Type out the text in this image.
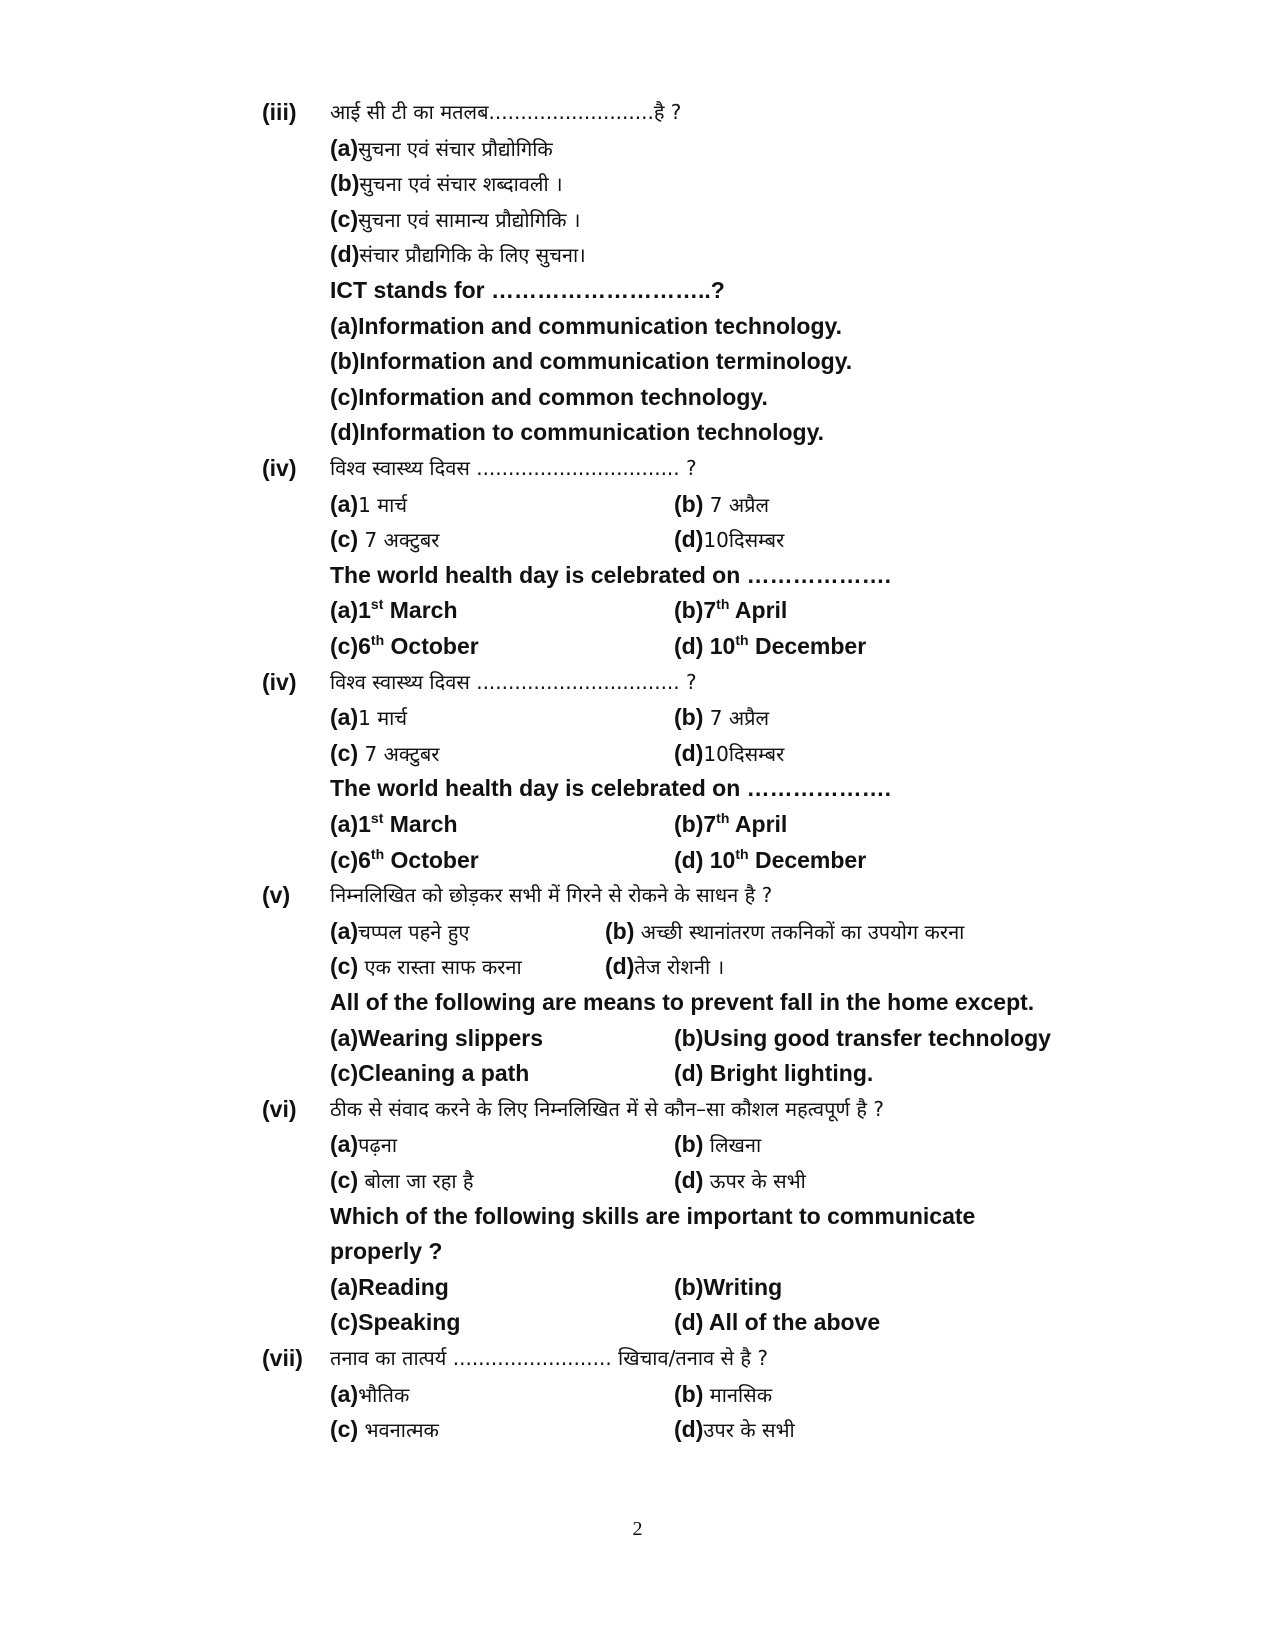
(iii) आई सी टी का मतलब..........................है ?
(a)सुचना एवं संचार प्रौद्योगिकि
(b)सुचना एवं संचार शब्दावली ।
(c)सुचना एवं सामान्य प्रौद्योगिकि ।
(d)संचार प्रौद्यगिकि के लिए सुचना।
ICT stands for ………………………..?
(a)Information and communication technology.
(b)Information and communication terminology.
(c)Information and common technology.
(d)Information to communication technology.
(iv) विश्व स्वास्थ्य दिवस ................................ ?
(a)1 मार्च	(b) 7 अप्रैल
(c) 7 अक्टुबर	(d)10दिसम्बर
The world health day is celebrated on ……………….
(a)1st March	(b)7th April
(c)6th October	(d) 10th December
(iv) विश्व स्वास्थ्य दिवस ................................ ?
(a)1 मार्च	(b) 7 अप्रैल
(c) 7 अक्टुबर	(d)10दिसम्बर
The world health day is celebrated on ……………….
(a)1st March	(b)7th April
(c)6th October	(d) 10th December
(v) निम्नलिखित को छोड़कर सभी में गिरने से रोकने के साधन है ?
(a)चप्पल पहने हुए	(b) अच्छी स्थानांतरण तकनिकों का उपयोग करना
(c) एक रास्ता साफ करना	(d)तेज रोशनी ।
All of the following are means to prevent fall in the home except.
(a)Wearing slippers	(b)Using good transfer technology
(c)Cleaning a path	(d) Bright lighting.
(vi) ठीक से संवाद करने के लिए निम्नलिखित में से कौन–सा कौशल महत्वपूर्ण है ?
(a)पढ़ना	(b) लिखना
(c) बोला जा रहा है	(d) ऊपर के सभी
Which of the following skills are important to communicate
properly ?
(a)Reading	(b)Writing
(c)Speaking	(d) All of the above
(vii) तनाव का तात्पर्य ......................... खिचाव/तनाव से है ?
(a)भौतिक	(b) मानसिक
(c) भवनात्मक	(d)उपर के सभी
2
